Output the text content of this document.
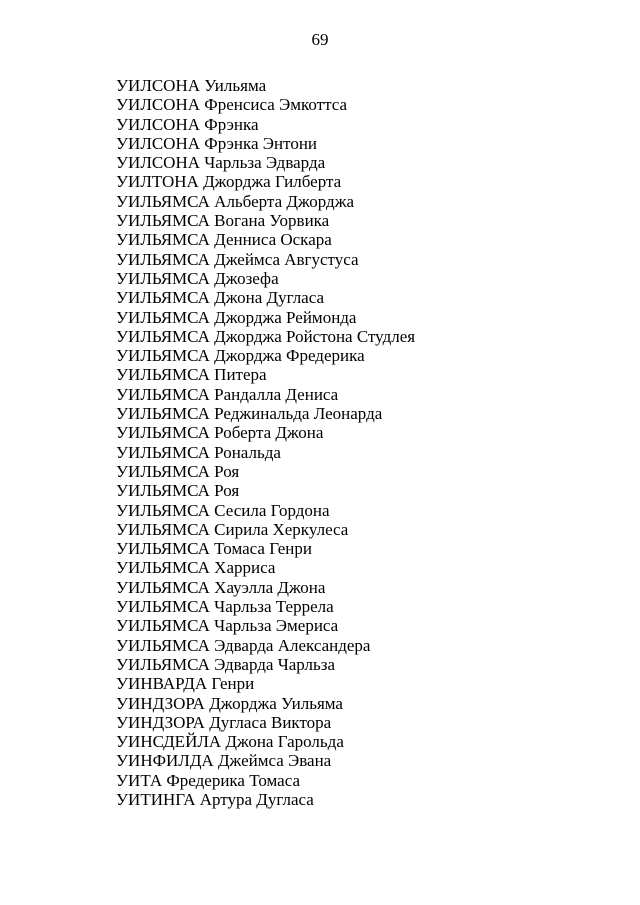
69
УИЛСОНА Уильяма
УИЛСОНА Френсиса Эмкоттса
УИЛСОНА Фрэнка
УИЛСОНА Фрэнка Энтони
УИЛСОНА Чарльза Эдварда
УИЛТОНА Джорджа Гилберта
УИЛЬЯМСА Альберта Джорджа
УИЛЬЯМСА Вогана Уорвика
УИЛЬЯМСА Денниса Оскара
УИЛЬЯМСА Джеймса Августуса
УИЛЬЯМСА Джозефа
УИЛЬЯМСА Джона Дугласа
УИЛЬЯМСА Джорджа Реймонда
УИЛЬЯМСА Джорджа Ройстона Студлея
УИЛЬЯМСА Джорджа Фредерика
УИЛЬЯМСА Питера
УИЛЬЯМСА Рандалла Дениса
УИЛЬЯМСА Реджинальда Леонарда
УИЛЬЯМСА Роберта Джона
УИЛЬЯМСА Рональда
УИЛЬЯМСА Роя
УИЛЬЯМСА Роя
УИЛЬЯМСА Сесила Гордона
УИЛЬЯМСА Сирила Херкулеса
УИЛЬЯМСА Томаса Генри
УИЛЬЯМСА Харриса
УИЛЬЯМСА Хауэлла Джона
УИЛЬЯМСА Чарльза Террела
УИЛЬЯМСА Чарльза Эмериса
УИЛЬЯМСА Эдварда Александера
УИЛЬЯМСА Эдварда Чарльза
УИНВАРДА Генри
УИНДЗОРА Джорджа Уильяма
УИНДЗОРА Дугласа Виктора
УИНСДЕЙЛА Джона Гарольда
УИНФИЛДА Джеймса Эвана
УИТА Фредерика Томаса
УИТИНГА Артура Дугласа
